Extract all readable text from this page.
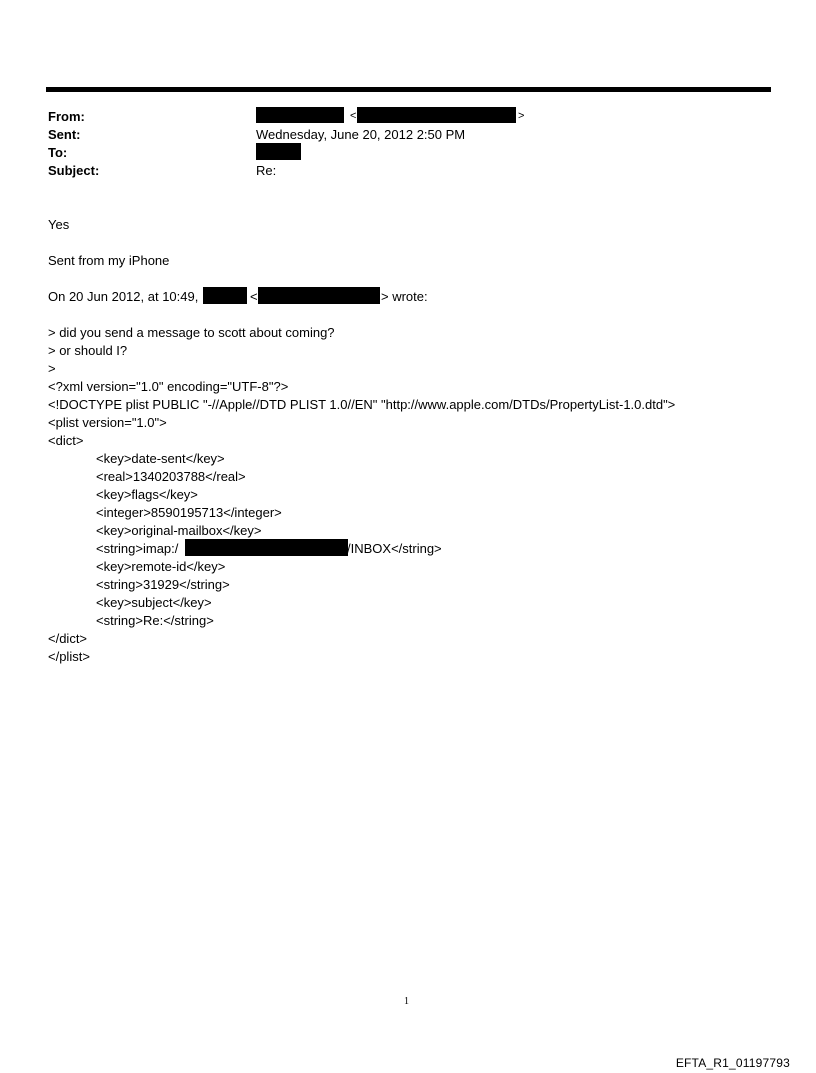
From:	<	>
Sent:	Wednesday, June 20, 2012 2:50 PM
To:
Subject:	Re:
Yes
Sent from my iPhone
On 20 Jun 2012, at 10:49,	<	> wrote:
> did you send a message to scott about coming?
> or should I?
>
<?xml version="1.0" encoding="UTF-8"?>
<!DOCTYPE plist PUBLIC "-//Apple//DTD PLIST 1.0//EN" "http://www.apple.com/DTDs/PropertyList-1.0.dtd">
<plist version="1.0">
<dict>
<key>date-sent</key>
<real>1340203788</real>
<key>flags</key>
<integer>8590195713</integer>
<key>original-mailbox</key>
<string>imap:/	/INBOX</string>
<key>remote-id</key>
<string>31929</string>
<key>subject</key>
<string>Re:</string>
</dict>
</plist>
1
EFTA_R1_01197793
